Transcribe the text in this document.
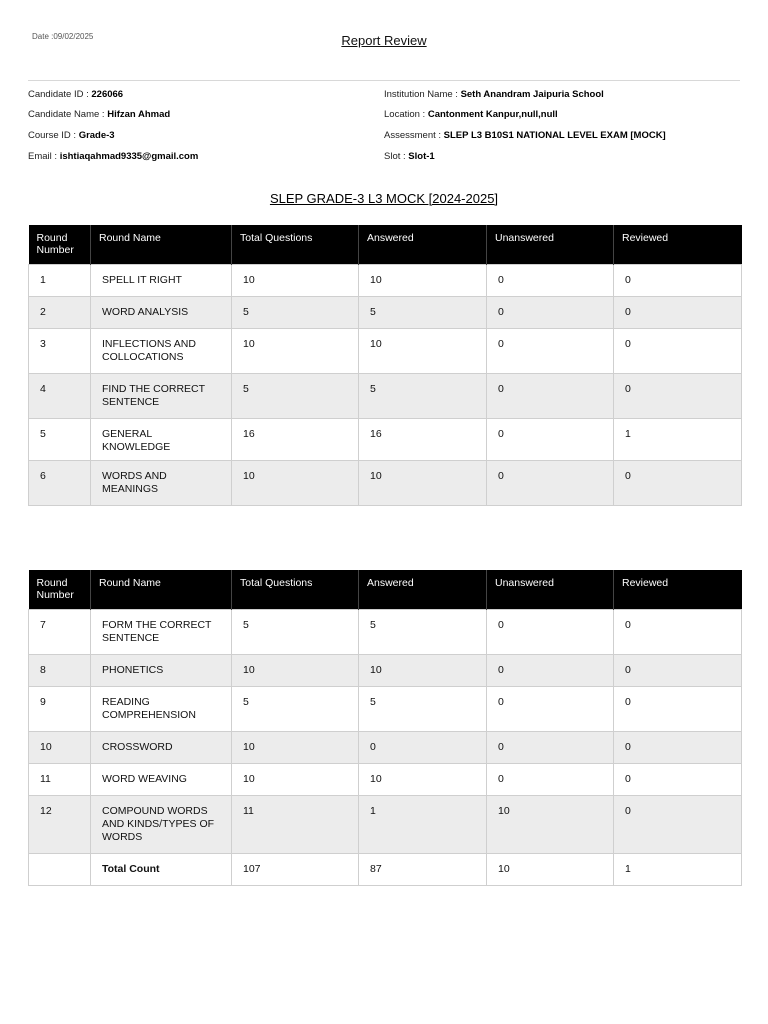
Date :09/02/2025	Report Review
Candidate ID : 226066
Candidate Name : Hifzan Ahmad
Course ID : Grade-3
Email : ishtiaqahmad9335@gmail.com
Institution Name : Seth Anandram Jaipuria School
Location : Cantonment Kanpur,null,null
Assessment : SLEP L3 B10S1 NATIONAL LEVEL EXAM [MOCK]
Slot : Slot-1
SLEP GRADE-3 L3 MOCK [2024-2025]
Round Number	Round Name	Total Questions	Answered	Unanswered	Reviewed
1	SPELL IT RIGHT	10	10	0	0
2	WORD ANALYSIS	5	5	0	0
3	INFLECTIONS AND COLLOCATIONS	10	10	0	0
4	FIND THE CORRECT SENTENCE	5	5	0	0
5	GENERAL KNOWLEDGE	16	16	0	1
6	WORDS AND MEANINGS	10	10	0	0
Round Number	Round Name	Total Questions	Answered	Unanswered	Reviewed
7	FORM THE CORRECT SENTENCE	5	5	0	0
8	PHONETICS	10	10	0	0
9	READING COMPREHENSION	5	5	0	0
10	CROSSWORD	10	0	0	0
11	WORD WEAVING	10	10	0	0
12	COMPOUND WORDS AND KINDS/TYPES OF WORDS	11	1	10	0
	Total Count	107	87	10	1
